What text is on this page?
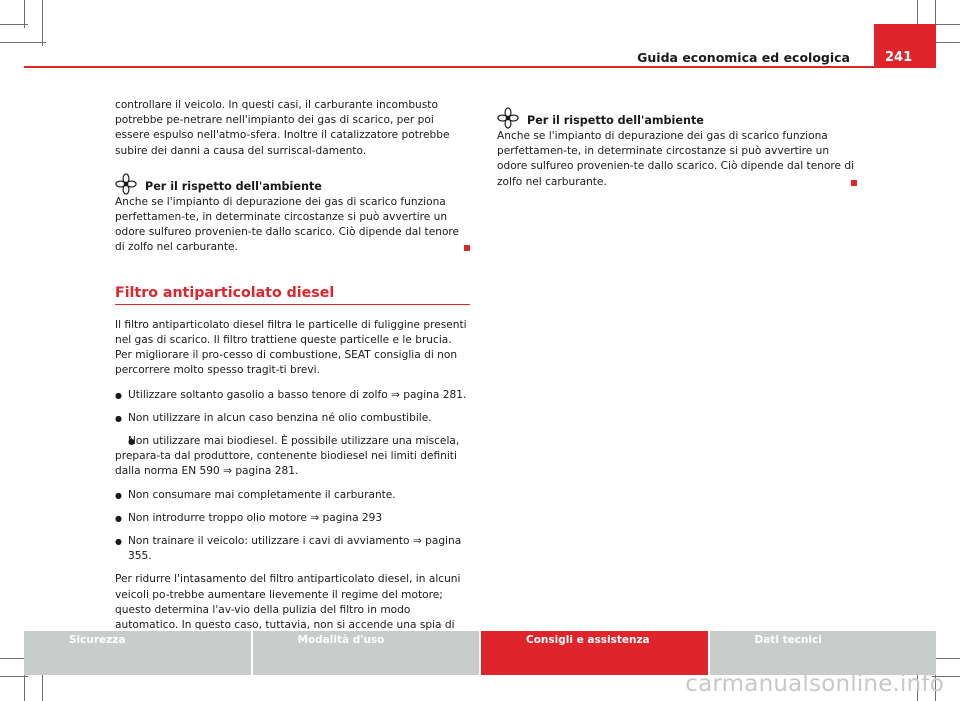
Guida economica ed ecologica	241

controllare il veicolo. In questi casi, il carburante incombusto potrebbe pe-netrare nell'impianto dei gas di scarico, per poi essere espulso nell'atmo-sfera. Inoltre il catalizzatore potrebbe subire dei danni a causa del surriscal-damento.

Per il rispetto dell'ambiente

Anche se l'impianto di depurazione dei gas di scarico funziona perfettamen-te, in determinate circostanze si può avvertire un odore sulfureo provenien-te dallo scarico. Ciò dipende dal tenore di zolfo nel carburante.

Filtro antiparticolato diesel

Il filtro antiparticolato diesel filtra le particelle di fuliggine presenti nel gas di scarico. Il filtro trattiene queste particelle e le brucia. Per migliorare il pro-cesso di combustione, SEAT consiglia di non percorrere molto spesso tragit-ti brevi.

● Utilizzare soltanto gasolio a basso tenore di zolfo ⇒ pagina 281.
● Non utilizzare in alcun caso benzina né olio combustibile.
● Non utilizzare mai biodiesel. È possibile utilizzare una miscela, prepara-ta dal produttore, contenente biodiesel nei limiti definiti dalla norma EN 590 ⇒ pagina 281.
● Non consumare mai completamente il carburante.
● Non introdurre troppo olio motore ⇒ pagina 293
● Non trainare il veicolo: utilizzare i cavi di avviamento ⇒ pagina 355.

Per ridurre l'intasamento del filtro antiparticolato diesel, in alcuni veicoli po-trebbe aumentare lievemente il regime del motore; questo determina l'av-vio della pulizia del filtro in modo automatico. In questo caso, tuttavia, non si accende una spia di

Per il rispetto dell'ambiente

Anche se l'impianto di depurazione dei gas di scarico funziona perfettamen-te, in determinate circostanze si può avvertire un odore sulfureo provenien-te dallo scarico. Ciò dipende dal tenore di zolfo nel carburante.

Sicurezza	Modalità d'uso	Consigli e assistenza	Dati tecnici
carmanualsonline.info
